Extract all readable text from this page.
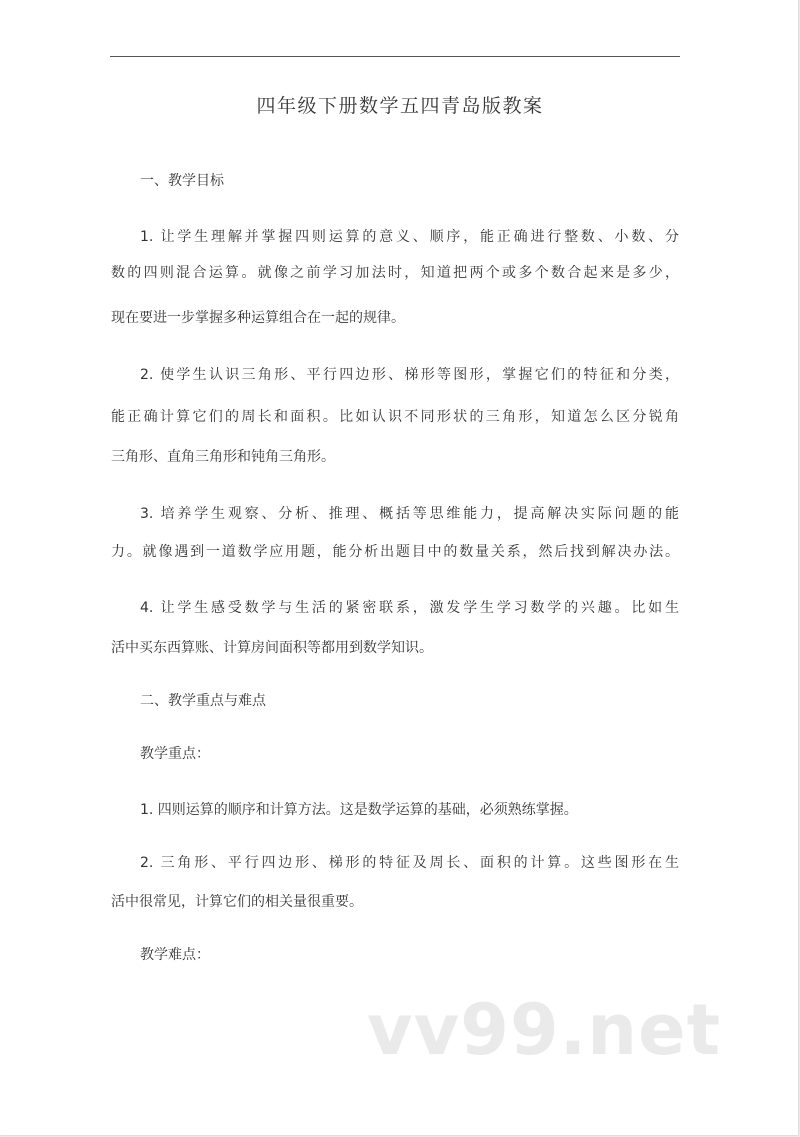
四年级下册数学五四青岛版教案
一、教学目标
1. 让学生理解并掌握四则运算的意义、顺序，能正确进行整数、小数、分
数的四则混合运算。就像之前学习加法时，知道把两个或多个数合起来是多少，
现在要进一步掌握多种运算组合在一起的规律。
2. 使学生认识三角形、平行四边形、梯形等图形，掌握它们的特征和分类，
能正确计算它们的周长和面积。比如认识不同形状的三角形，知道怎么区分锐角
三角形、直角三角形和钝角三角形。
3. 培养学生观察、分析、推理、概括等思维能力，提高解决实际问题的能
力。就像遇到一道数学应用题，能分析出题目中的数量关系，然后找到解决办法。
4. 让学生感受数学与生活的紧密联系，激发学生学习数学的兴趣。比如生
活中买东西算账、计算房间面积等都用到数学知识。
二、教学重点与难点
教学重点：
1. 四则运算的顺序和计算方法。这是数学运算的基础，必须熟练掌握。
2. 三角形、平行四边形、梯形的特征及周长、面积的计算。这些图形在生
活中很常见，计算它们的相关量很重要。
教学难点：
vv99.net
